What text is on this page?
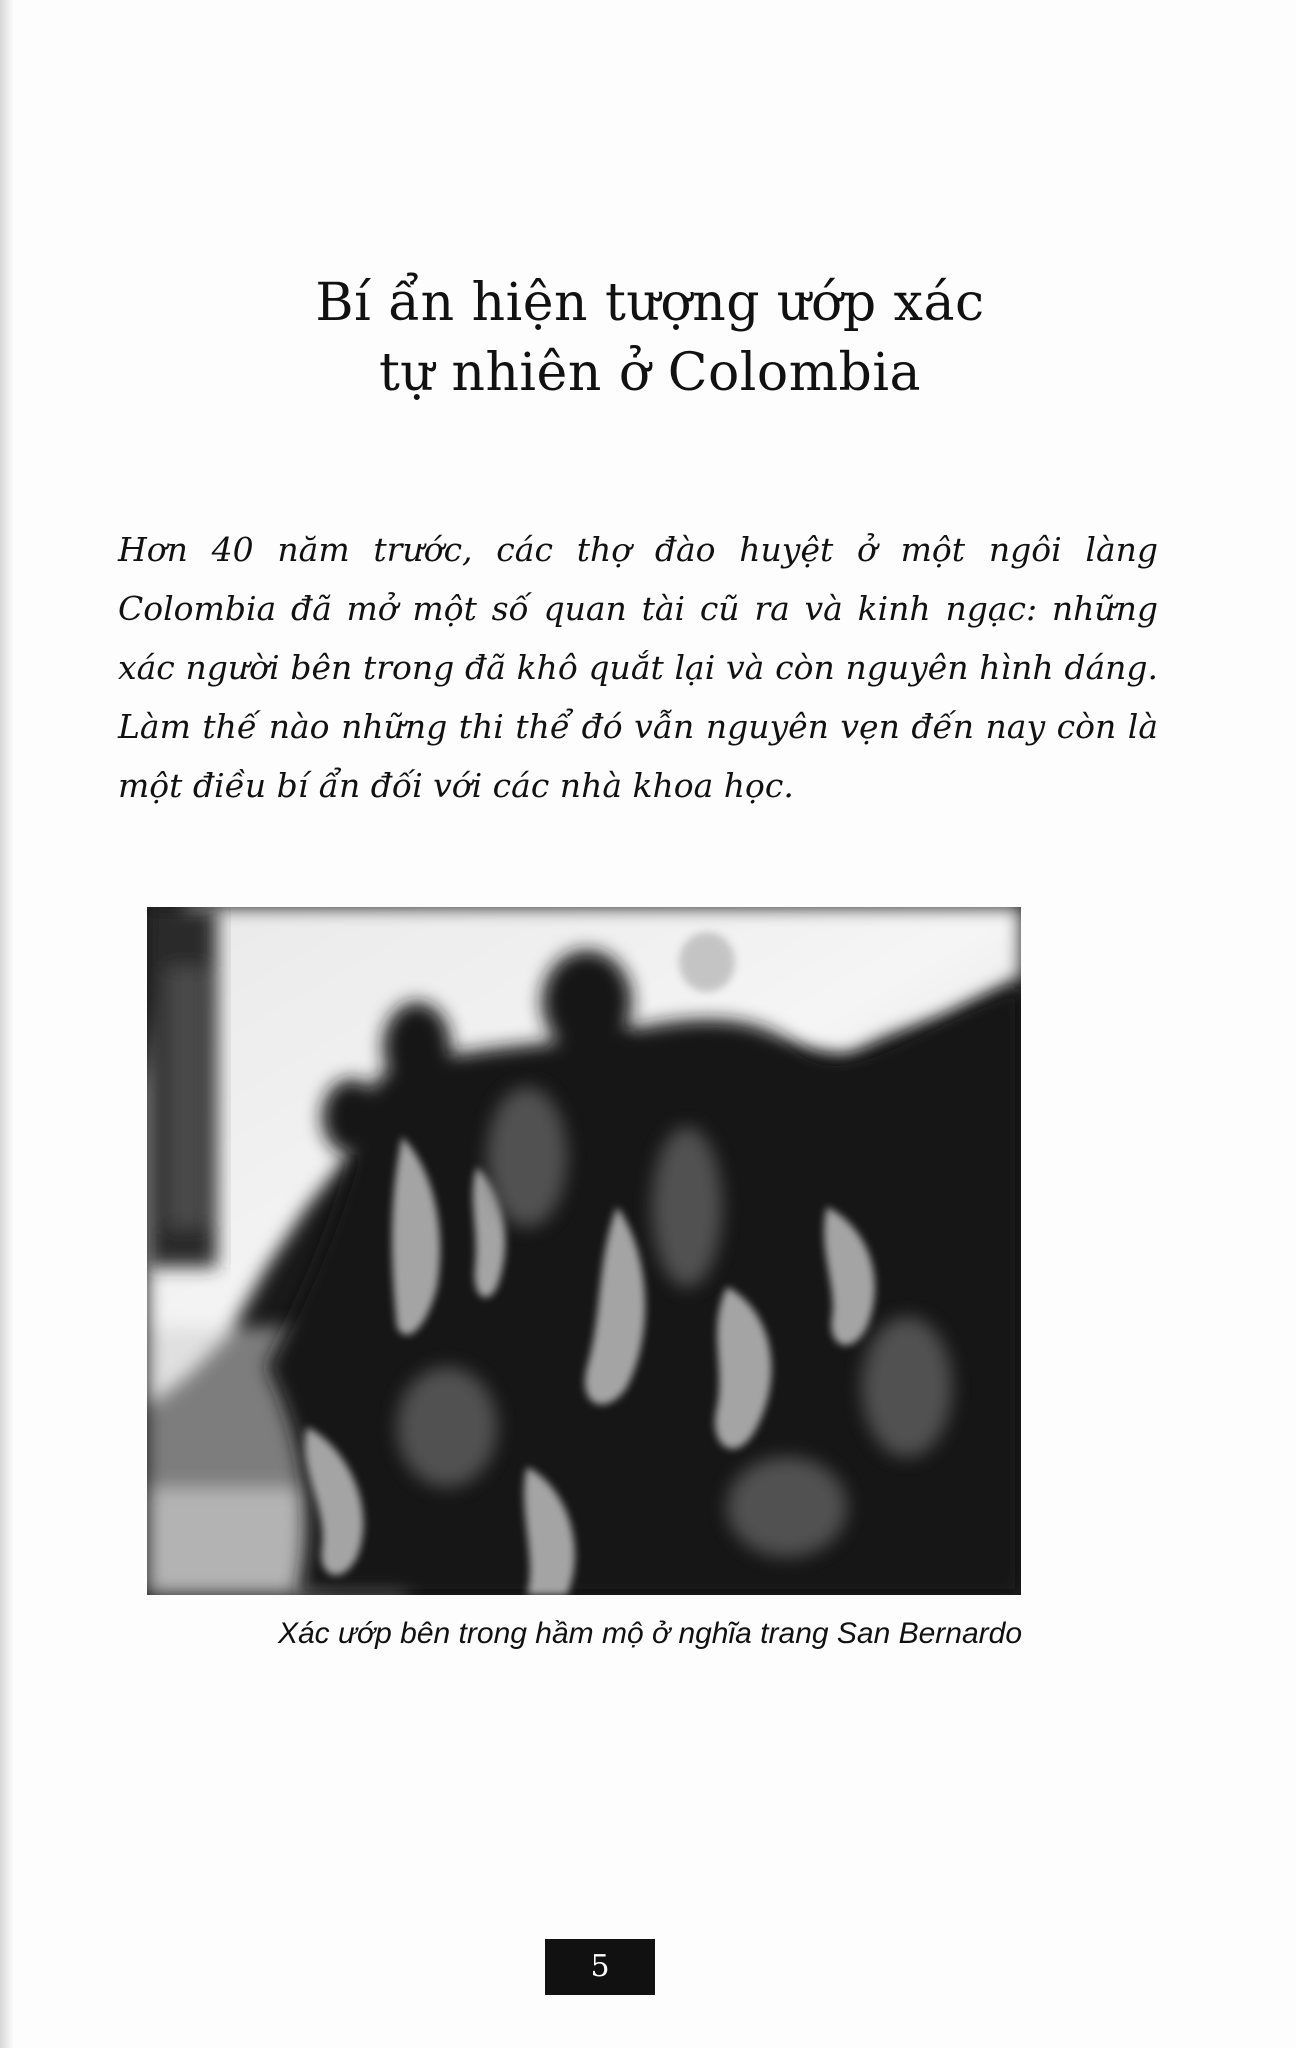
Bí ẩn hiện tượng ướp xác
tự nhiên ở Colombia

Hơn 40 năm trước, các thợ đào huyệt ở một ngôi làng Colombia đã mở một số quan tài cũ ra và kinh ngạc: những xác người bên trong đã khô quắt lại và còn nguyên hình dáng. Làm thế nào những thi thể đó vẫn nguyên vẹn đến nay còn là một điều bí ẩn đối với các nhà khoa học.

Xác ướp bên trong hầm mộ ở nghĩa trang San Bernardo

5
